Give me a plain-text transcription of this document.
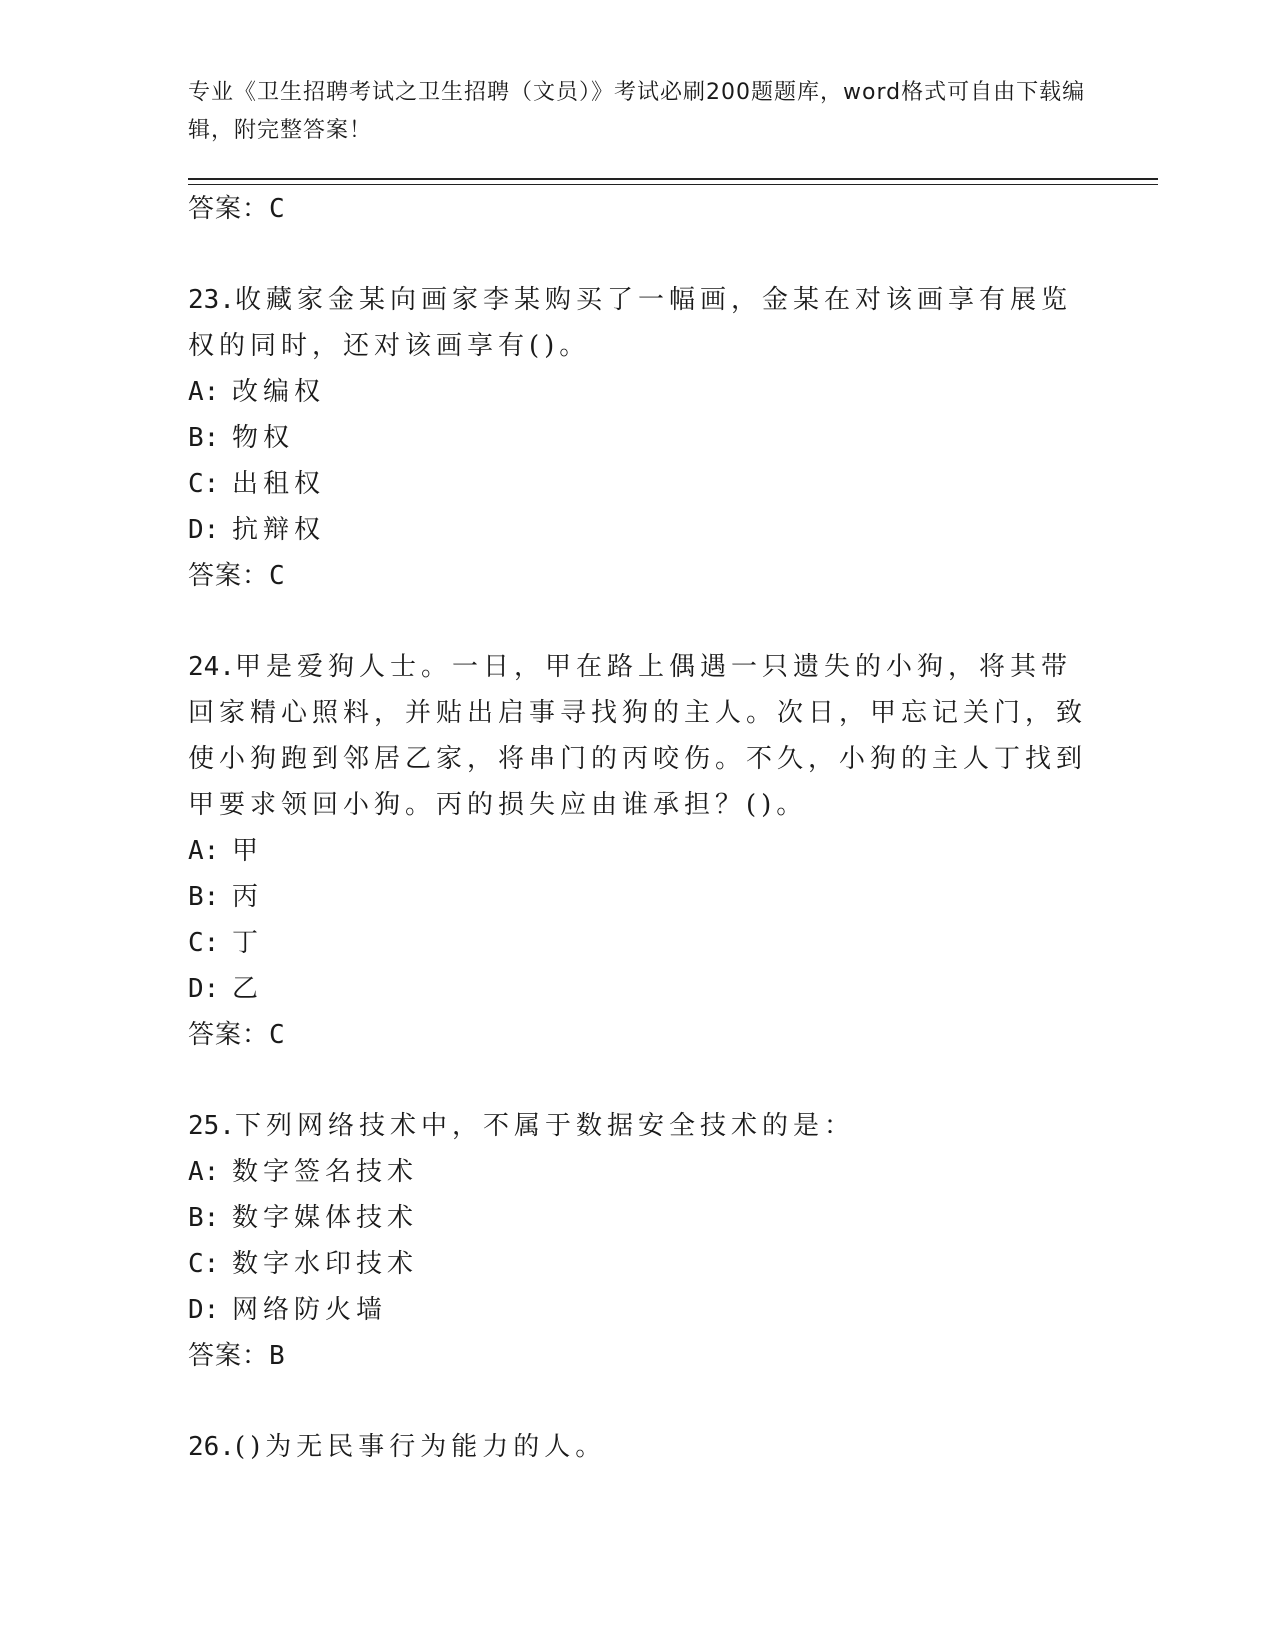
专业《卫生招聘考试之卫生招聘（文员）》考试必刷200题题库，word格式可自由下载编辑，附完整答案！
答案：C
23.收藏家金某向画家李某购买了一幅画，金某在对该画享有展览权的同时，还对该画享有()。
A: 改编权
B: 物权
C: 出租权
D: 抗辩权
答案：C
24.甲是爱狗人士。一日，甲在路上偶遇一只遗失的小狗，将其带回家精心照料，并贴出启事寻找狗的主人。次日，甲忘记关门，致使小狗跑到邻居乙家，将串门的丙咬伤。不久，小狗的主人丁找到甲要求领回小狗。丙的损失应由谁承担？()。
A: 甲
B: 丙
C: 丁
D: 乙
答案：C
25.下列网络技术中，不属于数据安全技术的是：
A: 数字签名技术
B: 数字媒体技术
C: 数字水印技术
D: 网络防火墙
答案：B
26.()为无民事行为能力的人。
